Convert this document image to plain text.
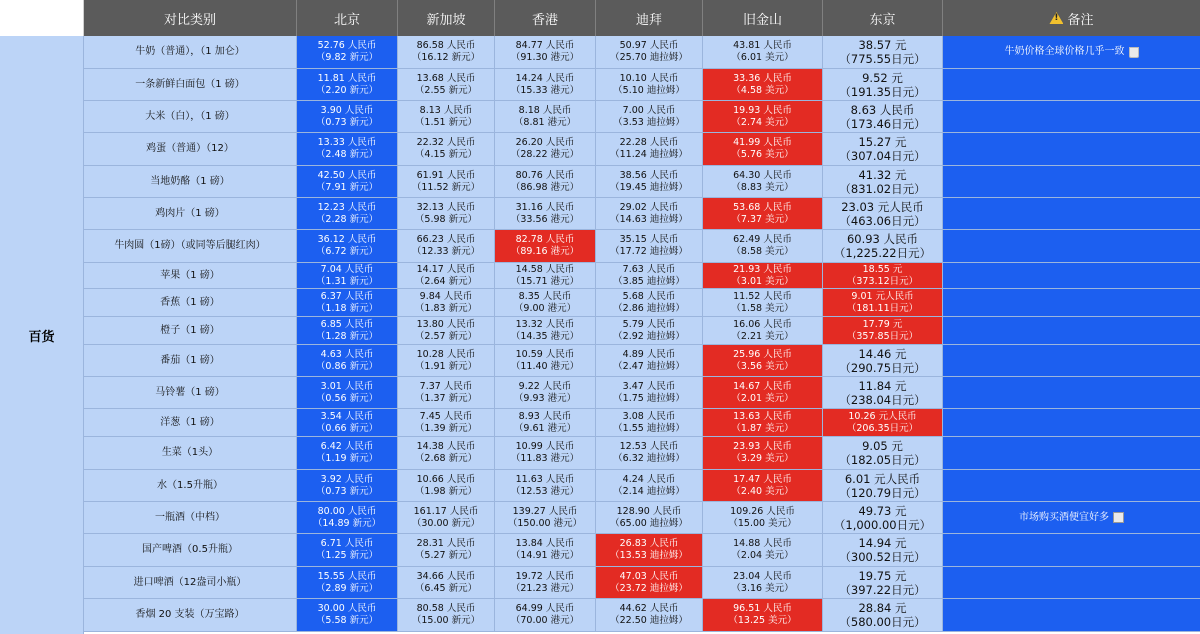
对比类别	北京	新加坡	香港	迪拜	旧金山	东京
!	备注
百货
牛奶（普通），（1 加仑）
52.76 人民币
（9.82 新元）
86.58 人民币
（16.12 新元）
84.77 人民币
（91.30 港元）
50.97 人民币
（25.70 迪拉姆）
43.81 人民币
（6.01 美元）
38.57 元
（775.55日元）
牛奶价格全球价格几乎一致
一条新鲜白面包（1 磅）
11.81 人民币
（2.20 新元）
13.68 人民币
（2.55 新元）
14.24 人民币
（15.33 港元）
10.10 人民币
（5.10 迪拉姆）
33.36 人民币
（4.58 美元）
9.52 元
（191.35日元）
大米（白），（1 磅）
3.90 人民币
（0.73 新元）
8.13 人民币
（1.51 新元）
8.18 人民币
（8.81 港元）
7.00 人民币
（3.53 迪拉姆）
19.93 人民币
（2.74 美元）
8.63 人民币
（173.46日元）
鸡蛋（普通）（12）
13.33 人民币
（2.48 新元）
22.32 人民币
（4.15 新元）
26.20 人民币
（28.22 港元）
22.28 人民币
（11.24 迪拉姆）
41.99 人民币
（5.76 美元）
15.27 元
（307.04日元）
当地奶酪（1 磅）
42.50 人民币
（7.91 新元）
61.91 人民币
（11.52 新元）
80.76 人民币
（86.98 港元）
38.56 人民币
（19.45 迪拉姆）
64.30 人民币
（8.83 美元）
41.32 元
（831.02日元）
鸡肉片（1 磅）
12.23 人民币
（2.28 新元）
32.13 人民币
（5.98 新元）
31.16 人民币
（33.56 港元）
29.02 人民币
（14.63 迪拉姆）
53.68 人民币
（7.37 美元）
23.03 元人民币
（463.06日元）
牛肉圆（1磅）（或同等后腿红肉）
36.12 人民币
（6.72 新元）
66.23 人民币
（12.33 新元）
82.78 人民币
（89.16 港元）
35.15 人民币
（17.72 迪拉姆）
62.49 人民币
（8.58 美元）
60.93 人民币
（1,225.22日元）
苹果（1 磅）
7.04 人民币
（1.31 新元）
14.17 人民币
（2.64 新元）
14.58 人民币
（15.71 港元）
7.63 人民币
（3.85 迪拉姆）
21.93 人民币
（3.01 美元）
18.55 元
（373.12日元）
香蕉（1 磅）
6.37 人民币
（1.18 新元）
9.84 人民币
（1.83 新元）
8.35 人民币
（9.00 港元）
5.68 人民币
（2.86 迪拉姆）
11.52 人民币
（1.58 美元）
9.01 元人民币
（181.11日元）
橙子（1 磅）
6.85 人民币
（1.28 新元）
13.80 人民币
（2.57 新元）
13.32 人民币
（14.35 港元）
5.79 人民币
（2.92 迪拉姆）
16.06 人民币
（2.21 美元）
17.79 元
（357.85日元）
番茄（1 磅）
4.63 人民币
（0.86 新元）
10.28 人民币
（1.91 新元）
10.59 人民币
（11.40 港元）
4.89 人民币
（2.47 迪拉姆）
25.96 人民币
（3.56 美元）
14.46 元
（290.75日元）
马铃薯（1 磅）
3.01 人民币
（0.56 新元）
7.37 人民币
（1.37 新元）
9.22 人民币
（9.93 港元）
3.47 人民币
（1.75 迪拉姆）
14.67 人民币
（2.01 美元）
11.84 元
（238.04日元）
洋葱（1 磅）
3.54 人民币
（0.66 新元）
7.45 人民币
（1.39 新元）
8.93 人民币
（9.61 港元）
3.08 人民币
（1.55 迪拉姆）
13.63 人民币
（1.87 美元）
10.26 元人民币
（206.35日元）
生菜（1头）
6.42 人民币
（1.19 新元）
14.38 人民币
（2.68 新元）
10.99 人民币
（11.83 港元）
12.53 人民币
（6.32 迪拉姆）
23.93 人民币
（3.29 美元）
9.05 元
（182.05日元）
水（1.5升瓶）
3.92 人民币
（0.73 新元）
10.66 人民币
（1.98 新元）
11.63 人民币
（12.53 港元）
4.24 人民币
（2.14 迪拉姆）
17.47 人民币
（2.40 美元）
6.01 元人民币
（120.79日元）
一瓶酒（中档）
80.00 人民币
（14.89 新元）
161.17 人民币
（30.00 新元）
139.27 人民币
（150.00 港元）
128.90 人民币
（65.00 迪拉姆）
109.26 人民币
（15.00 美元）
49.73 元
（1,000.00日元）
市场购买酒便宜好多
国产啤酒（0.5升瓶）
6.71 人民币
（1.25 新元）
28.31 人民币
（5.27 新元）
13.84 人民币
（14.91 港元）
26.83 人民币
（13.53 迪拉姆）
14.88 人民币
（2.04 美元）
14.94 元
（300.52日元）
进口啤酒（12盎司小瓶）
15.55 人民币
（2.89 新元）
34.66 人民币
（6.45 新元）
19.72 人民币
（21.23 港元）
47.03 人民币
（23.72 迪拉姆）
23.04 人民币
（3.16 美元）
19.75 元
（397.22日元）
香烟 20 支装（万宝路）
30.00 人民币
（5.58 新元）
80.58 人民币
（15.00 新元）
64.99 人民币
（70.00 港元）
44.62 人民币
（22.50 迪拉姆）
96.51 人民币
（13.25 美元）
28.84 元
（580.00日元）
